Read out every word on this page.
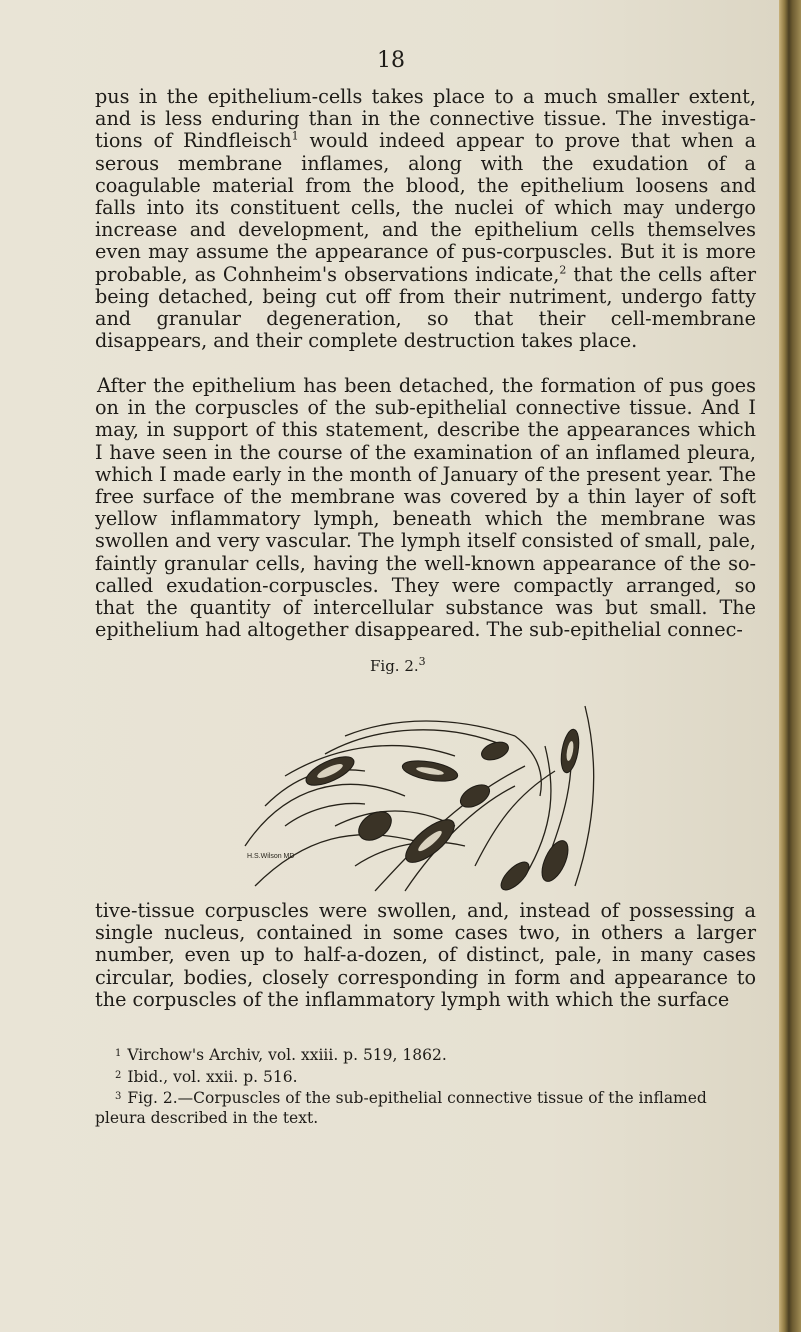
18

pus in the epithelium-cells takes place to a much smaller extent, and is less enduring than in the connective tissue. The investigations of Rindfleisch$^1$ would indeed appear to prove that when a serous membrane inflames, along with the exudation of a coagulable material from the blood, the epithelium loosens and falls into its constituent cells, the nuclei of which may undergo increase and development, and the epithelium cells themselves even may assume the appearance of pus-corpuscles. But it is more probable, as Cohnheim's observations indicate,$^2$ that the cells after being detached, being cut off from their nutriment, undergo fatty and granular degeneration, so that their cell-membrane disappears, and their complete destruction takes place.

After the epithelium has been detached, the formation of pus goes on in the corpuscles of the sub-epithelial connective tissue. And I may, in support of this statement, describe the appearances which I have seen in the course of the examination of an inflamed pleura, which I made early in the month of January of the present year. The free surface of the membrane was covered by a thin layer of soft yellow inflammatory lymph, beneath which the membrane was swollen and very vascular. The lymph itself consisted of small, pale, faintly granular cells, having the well-known appearance of the so-called exudation-corpuscles. They were compactly arranged, so that the quantity of intercellular substance was but small. The epithelium had altogether disappeared. The sub-epithelial connec-

Fig. 2.$^3$
H.S.Wilson MD

tive-tissue corpuscles were swollen, and, instead of possessing a single nucleus, contained in some cases two, in others a larger number, even up to half-a-dozen, of distinct, pale, in many cases circular, bodies, closely corresponding in form and appearance to the corpuscles of the inflammatory lymph with which the surface

$^1$ Virchow's Archiv, vol. xxiii. p. 519, 1862.

$^2$ Ibid., vol. xxii. p. 516.

$^3$ Fig. 2.—Corpuscles of the sub-epithelial connective tissue of the inflamed pleura described in the text.
